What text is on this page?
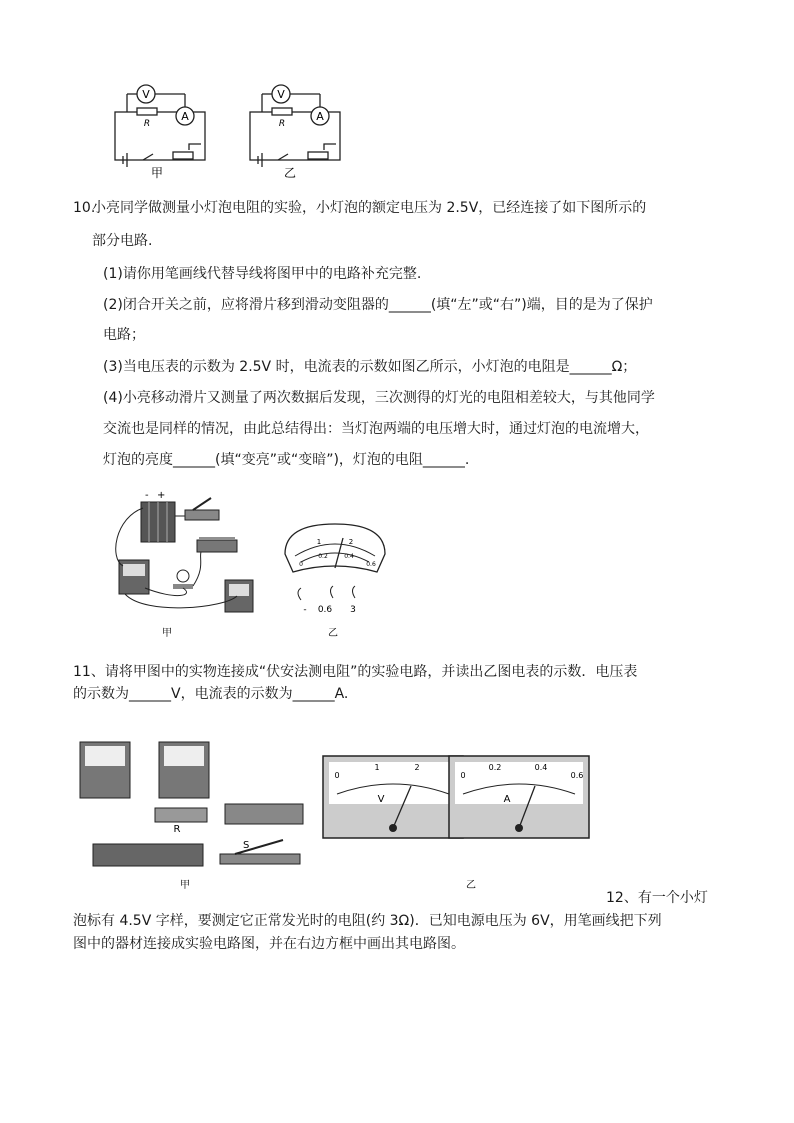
V
A
R
甲
V
A
R
乙
10.
小亮同学做测量小灯泡电阻的实验，小灯泡的额定电压为 2.5V，已经连接了如下图所示的
部分电路.
(1)请你用笔画线代替导线将图甲中的电路补充完整.
(2)闭合开关之前，应将滑片移到滑动变阻器的______(填“左”或“右”)端，目的是为了保护
电路；
(3)当电压表的示数为 2.5V 时，电流表的示数如图乙所示，小灯泡的电阻是______Ω；
(4)小亮移动滑片又测量了两次数据后发现，三次测得的灯光的电阻相差较大，与其他同学
交流也是同样的情况，由此总结得出：当灯泡两端的电压增大时，通过灯泡的电流增大，
灯泡的亮度______(填“变亮”或“变暗”)，灯泡的电阻______.
- +
甲
1	2
0
0.2	0.4
0.6
- 0.6 3
乙
11、请将甲图中的实物连接成“伏安法测电阻”的实验电路，并读出乙图电表的示数．电压表
的示数为______V，电流表的示数为______A.
R
S
甲
0
1	2
V
0
0.2	0.4
0.6
A
乙
12、有一个小灯
泡标有 4.5V 字样，要测定它正常发光时的电阻(约 3Ω)．已知电源电压为 6V，用笔画线把下列
图中的器材连接成实验电路图，并在右边方框中画出其电路图。
